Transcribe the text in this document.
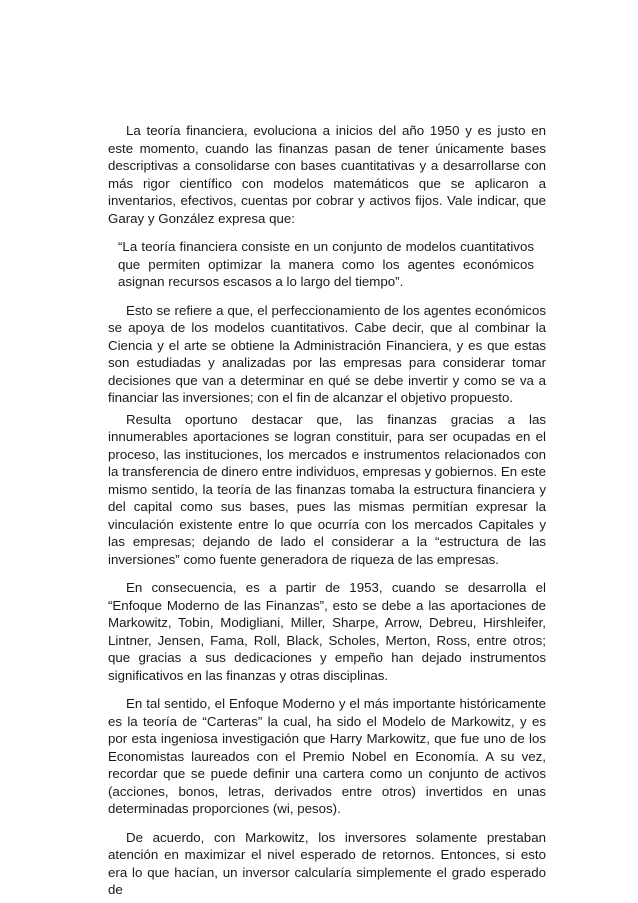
La teoría financiera, evoluciona a inicios del año 1950 y es justo en este momento, cuando las finanzas pasan de tener únicamente bases descriptivas a consolidarse con bases cuantitativas y a desarrollarse con más rigor científico con modelos matemáticos que se aplicaron a inventarios, efectivos, cuentas por cobrar y activos fijos. Vale indicar, que Garay y González expresa que:

“La teoría financiera consiste en un conjunto de modelos cuantitativos que permiten optimizar la manera como los agentes económicos asignan recursos escasos a lo largo del tiempo”.

Esto se refiere a que, el perfeccionamiento de los agentes económicos se apoya de los modelos cuantitativos. Cabe decir, que al combinar la Ciencia y el arte se obtiene la Administración Financiera, y es que estas son estudiadas y analizadas por las empresas para considerar tomar decisiones que van a determinar en qué se debe invertir y como se va a financiar las inversiones; con el fin de alcanzar el objetivo propuesto.

Resulta oportuno destacar que, las finanzas gracias a las innumerables aportaciones se logran constituir, para ser ocupadas en el proceso, las instituciones, los mercados e instrumentos relacionados con la transferencia de dinero entre individuos, empresas y gobiernos. En este mismo sentido, la teoría de las finanzas tomaba la estructura financiera y del capital como sus bases, pues las mismas permitían expresar la vinculación existente entre lo que ocurría con los mercados Capitales y las empresas; dejando de lado el considerar a la “estructura de las inversiones” como fuente generadora de riqueza de las empresas.

En consecuencia, es a partir de 1953, cuando se desarrolla el “Enfoque Moderno de las Finanzas”, esto se debe a las aportaciones de Markowitz, Tobin, Modigliani, Miller, Sharpe, Arrow, Debreu, Hirshleifer, Lintner, Jensen, Fama, Roll, Black, Scholes, Merton, Ross, entre otros; que gracias a sus dedicaciones y empeño han dejado instrumentos significativos en las finanzas y otras disciplinas.

En tal sentido, el Enfoque Moderno y el más importante históricamente es la teoría de “Carteras” la cual, ha sido el Modelo de Markowitz, y es por esta ingeniosa investigación que Harry Markowitz, que fue uno de los Economistas laureados con el Premio Nobel en Economía. A su vez, recordar que se puede definir una cartera como un conjunto de activos (acciones, bonos, letras, derivados entre otros) invertidos en unas determinadas proporciones (wi, pesos).

De acuerdo, con Markowitz, los inversores solamente prestaban atención en maximizar el nivel esperado de retornos. Entonces, si esto era lo que hacían, un inversor calcularía simplemente el grado esperado de
